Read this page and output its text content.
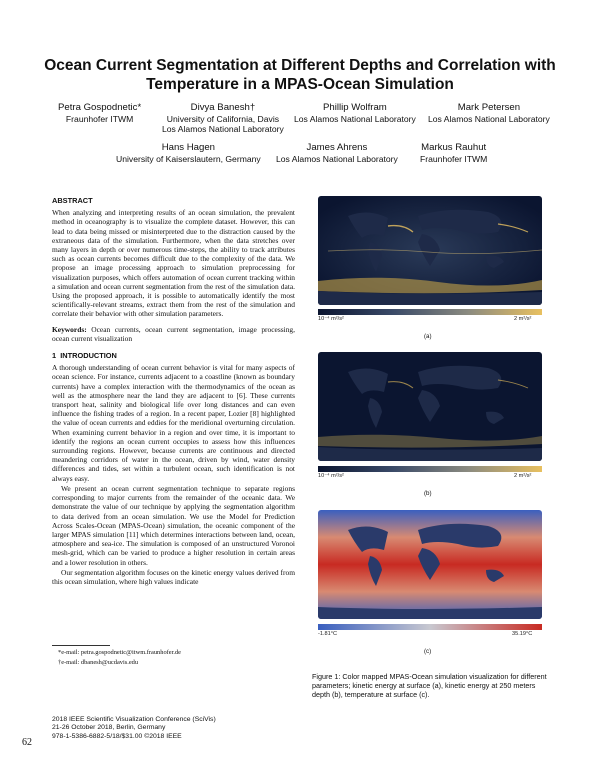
Ocean Current Segmentation at Different Depths and Correlation with Temperature in a MPAS-Ocean Simulation
Petra Gospodnetic*
Fraunhofer ITWM
Divya Banesh†
University of California, Davis
Los Alamos National Laboratory
Phillip Wolfram
Los Alamos National Laboratory
Mark Petersen
Los Alamos National Laboratory
Hans Hagen
University of Kaiserslautern, Germany
James Ahrens
Los Alamos National Laboratory
Markus Rauhut
Fraunhofer ITWM
ABSTRACT

When analyzing and interpreting results of an ocean simulation, the prevalent method in oceanography is to visualize the complete dataset. However, this can lead to data being missed or misinterpreted due to the distraction caused by the extraneous data of the simulation. Furthermore, when the data stretches over many layers in depth or over numerous time-steps, the ability to track attributes such as ocean currents becomes difficult due to the complexity of the data. We propose an image processing approach to simulation preprocessing for visualization purposes, which offers automation of ocean current tracking within a simulation and ocean current segmentation from the rest of the simulation data. Using the proposed approach, it is possible to automatically identify the most scientifically-relevant streams, extract them from the rest of the simulation and correlate their behavior with other simulation parameters.

Keywords: Ocean currents, ocean current segmentation, image processing, ocean current visualization

1 INTRODUCTION

A thorough understanding of ocean current behavior is vital for many aspects of ocean science. For instance, currents adjacent to a coastline (known as boundary currents) have a complex interaction with the thermodynamics of the ocean as well as the atmosphere near the land they are adjacent to [6]. These currents transport heat, salinity and biological life over long distances and can even influence the fishing trades of a region. In a recent paper, Lozier [8] highlighted the value of ocean currents and eddies for the meridional overturning circulation. When examining current behavior in a region and over time, it is important to identify the regions an ocean current occupies to assess how this influences surrounding regions. However, because currents are continuous and directed meandering corridors of water in the ocean, driven by wind, water density differences and tides, set within a turbulent ocean, such identification is not always easy.

We present an ocean current segmentation technique to separate regions corresponding to major currents from the remainder of the oceanic data. We demonstrate the value of our technique by applying the segmentation algorithm to data derived from an ocean simulation. We use the Model for Prediction Across Scales-Ocean (MPAS-Ocean) simulation, the oceanic component of the larger MPAS simulation [11] which determines interactions between land, ocean, atmosphere and sea-ice. The simulation is composed of an unstructured Voronoi mesh-grid, which can be varied to produce a higher resolution in certain areas and a lower resolution in others.

Our segmentation algorithm focuses on the kinetic energy values derived from this ocean simulation, where high values indicate

*e-mail: petra.gospodnetic@itwm.fraunhofer.de
†e-mail: dbanesh@ucdavis.edu
2018 IEEE Scientific Visualization Conference (SciVis)
21-26 October 2018, Berlin, Germany
978-1-5386-6882-5/18/$31.00 ©2018 IEEE
62
10⁻⁴ m²/s²	2 m²/s²
(a)
10⁻⁴ m²/s²	2 m²/s²
(b)
-1.81°C	35.19°C
(c)
Figure 1: Color mapped MPAS-Ocean simulation visualization for different parameters; kinetic energy at surface (a), kinetic energy at 250 meters depth (b), temperature at surface (c).
